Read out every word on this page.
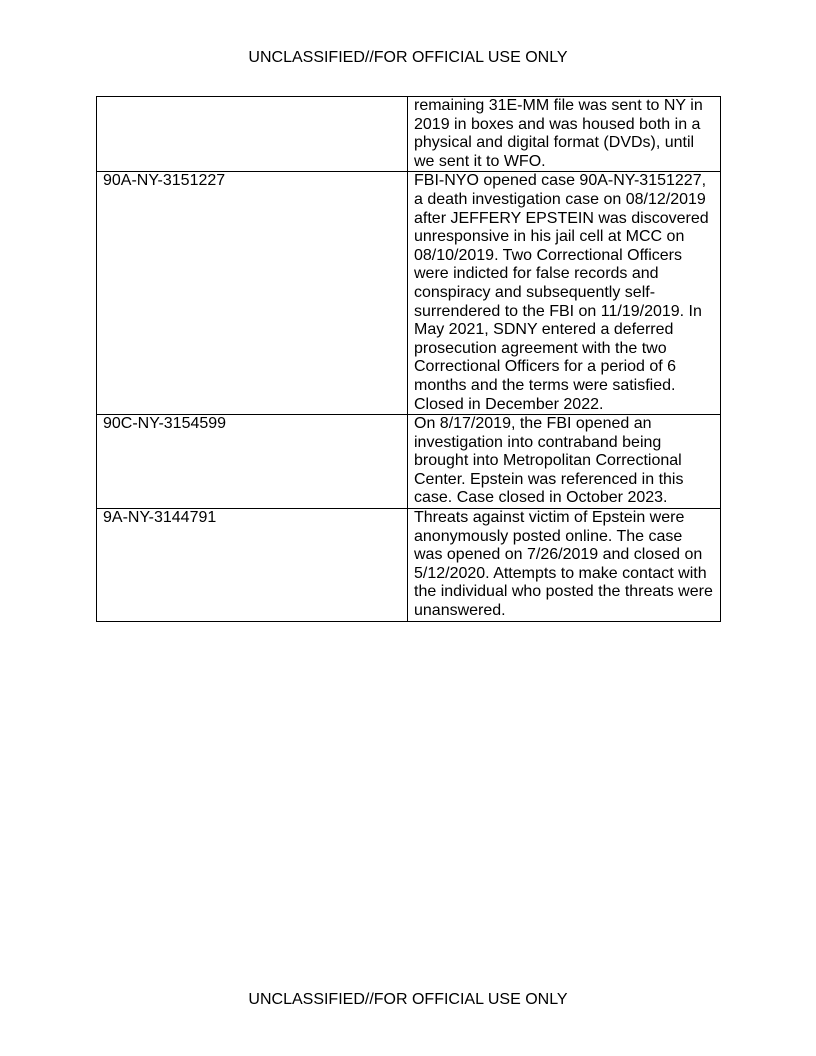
UNCLASSIFIED//FOR OFFICIAL USE ONLY

	remaining 31E-MM file was sent to NY in 2019 in boxes and was housed both in a physical and digital format (DVDs), until we sent it to WFO.

90A-NY-3151227	FBI-NYO opened case 90A-NY-3151227, a death investigation case on 08/12/2019 after JEFFERY EPSTEIN was discovered unresponsive in his jail cell at MCC on 08/10/2019. Two Correctional Officers were indicted for false records and conspiracy and subsequently self-surrendered to the FBI on 11/19/2019. In May 2021, SDNY entered a deferred prosecution agreement with the two Correctional Officers for a period of 6 months and the terms were satisfied. Closed in December 2022.

90C-NY-3154599	On 8/17/2019, the FBI opened an investigation into contraband being brought into Metropolitan Correctional Center. Epstein was referenced in this case. Case closed in October 2023.

9A-NY-3144791	Threats against victim of Epstein were anonymously posted online. The case was opened on 7/26/2019 and closed on 5/12/2020. Attempts to make contact with the individual who posted the threats were unanswered.
UNCLASSIFIED//FOR OFFICIAL USE ONLY
